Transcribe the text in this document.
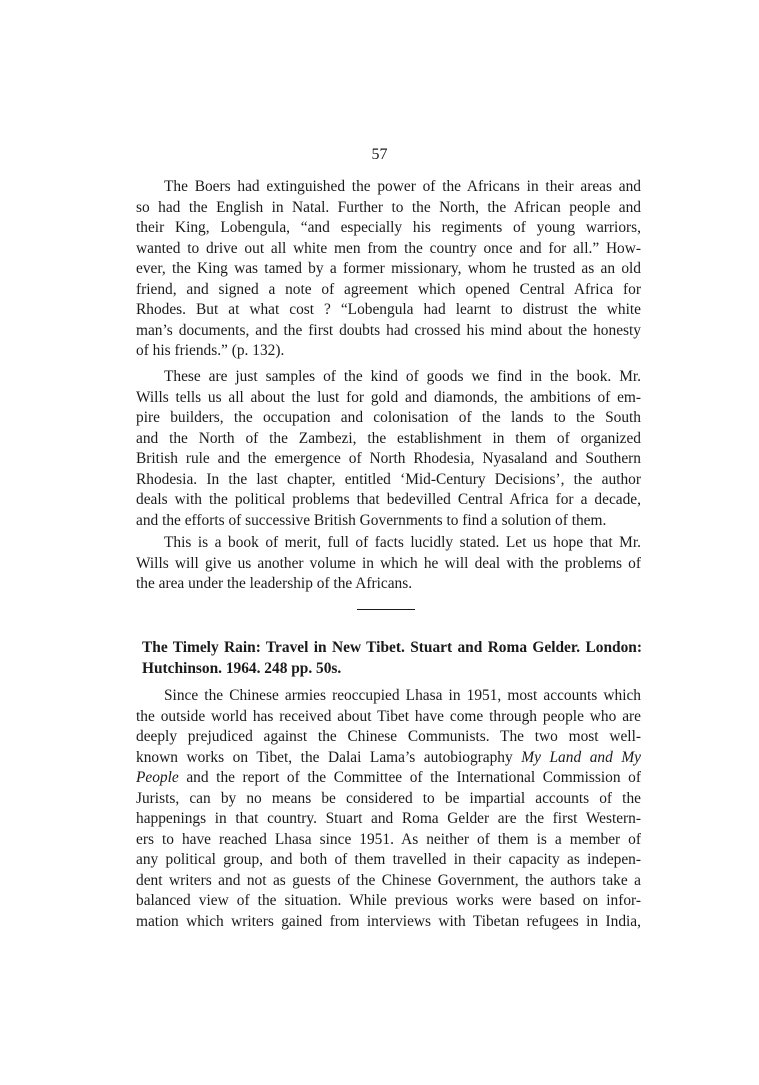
57
The Boers had extinguished the power of the Africans in their areas and
so had the English in Natal. Further to the North, the African people and
their King, Lobengula, “and especially his regiments of young warriors,
wanted to drive out all white men from the country once and for all.” How-
ever, the King was tamed by a former missionary, whom he trusted as an old
friend, and signed a note of agreement which opened Central Africa for
Rhodes. But at what cost ? “Lobengula had learnt to distrust the white
man’s documents, and the first doubts had crossed his mind about the honesty
of his friends.” (p. 132).
These are just samples of the kind of goods we find in the book. Mr.
Wills tells us all about the lust for gold and diamonds, the ambitions of em-
pire builders, the occupation and colonisation of the lands to the South
and the North of the Zambezi, the establishment in them of organized
British rule and the emergence of North Rhodesia, Nyasaland and Southern
Rhodesia. In the last chapter, entitled ‘Mid-Century Decisions’, the author
deals with the political problems that bedevilled Central Africa for a decade,
and the efforts of successive British Governments to find a solution of them.
This is a book of merit, full of facts lucidly stated. Let us hope that Mr.
Wills will give us another volume in which he will deal with the problems of
the area under the leadership of the Africans.
The Timely Rain: Travel in New Tibet. Stuart and Roma Gelder. London:
Hutchinson. 1964. 248 pp. 50s.
Since the Chinese armies reoccupied Lhasa in 1951, most accounts which
the outside world has received about Tibet have come through people who are
deeply prejudiced against the Chinese Communists. The two most well-
known works on Tibet, the Dalai Lama’s autobiography My Land and My
People and the report of the Committee of the International Commission of
Jurists, can by no means be considered to be impartial accounts of the
happenings in that country. Stuart and Roma Gelder are the first Western-
ers to have reached Lhasa since 1951. As neither of them is a member of
any political group, and both of them travelled in their capacity as indepen-
dent writers and not as guests of the Chinese Government, the authors take a
balanced view of the situation. While previous works were based on infor-
mation which writers gained from interviews with Tibetan refugees in India,
